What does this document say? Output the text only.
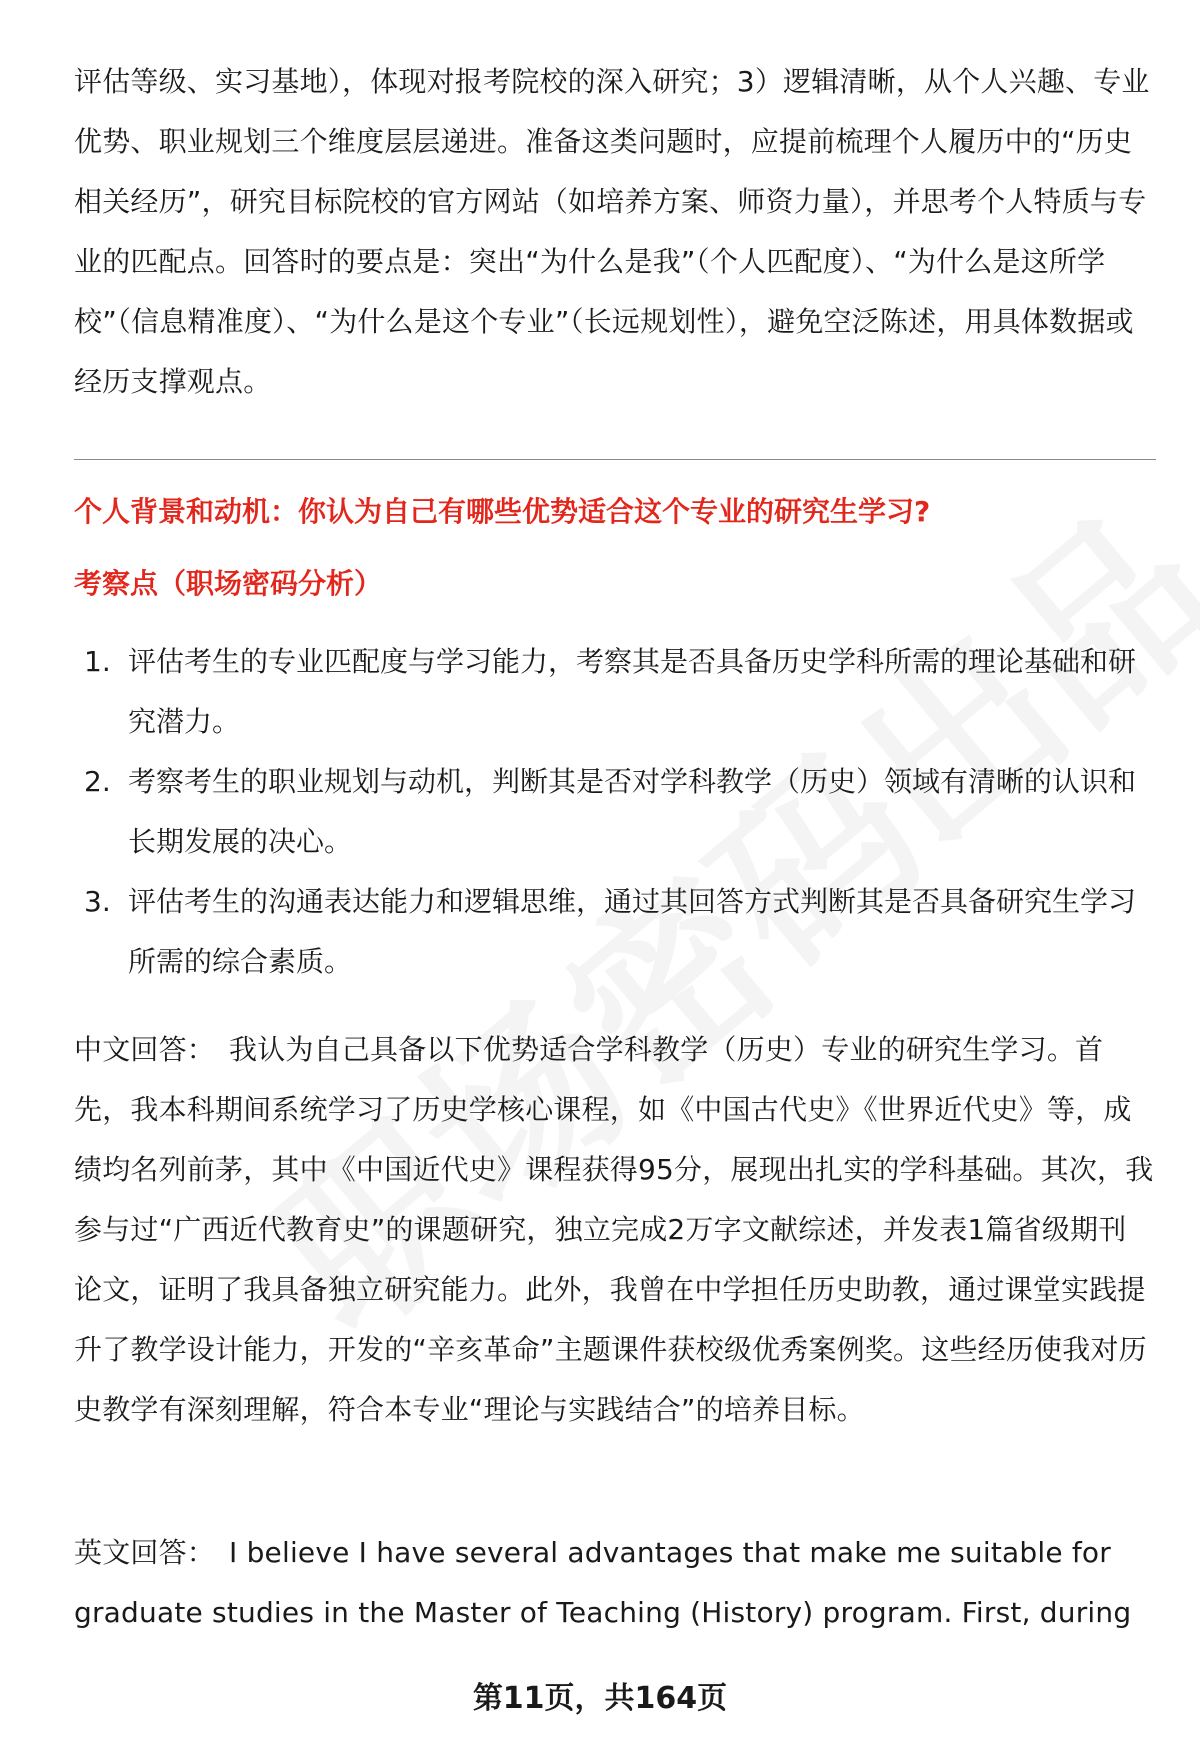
评估等级、实习基地），体现对报考院校的深入研究；3）逻辑清晰，从个人兴趣、专业优势、职业规划三个维度层层递进。准备这类问题时，应提前梳理个人履历中的“历史相关经历”，研究目标院校的官方网站（如培养方案、师资力量），并思考个人特质与专业的匹配点。回答时的要点是：突出“为什么是我”（个人匹配度）、“为什么是这所学校”（信息精准度）、“为什么是这个专业”（长远规划性），避免空泛陈述，用具体数据或经历支撑观点。
个人背景和动机：你认为自己有哪些优势适合这个专业的研究生学习?
考察点（职场密码分析）
1. 评估考生的专业匹配度与学习能力，考察其是否具备历史学科所需的理论基础和研究潜力。
2. 考察考生的职业规划与动机，判断其是否对学科教学（历史）领域有清晰的认识和长期发展的决心。
3. 评估考生的沟通表达能力和逻辑思维，通过其回答方式判断其是否具备研究生学习所需的综合素质。
中文回答： 我认为自己具备以下优势适合学科教学（历史）专业的研究生学习。首先，我本科期间系统学习了历史学核心课程，如《中国古代史》《世界近代史》等，成绩均名列前茅，其中《中国近代史》课程获得95分，展现出扎实的学科基础。其次，我参与过“广西近代教育史”的课题研究，独立完成2万字文献综述，并发表1篇省级期刊论文，证明了我具备独立研究能力。此外，我曾在中学担任历史助教，通过课堂实践提升了教学设计能力，开发的“辛亥革命”主题课件获校级优秀案例奖。这些经历使我对历史教学有深刻理解，符合本专业“理论与实践结合”的培养目标。
英文回答： I believe I have several advantages that make me suitable for graduate studies in the Master of Teaching (History) program. First, during
第11页，共164页
